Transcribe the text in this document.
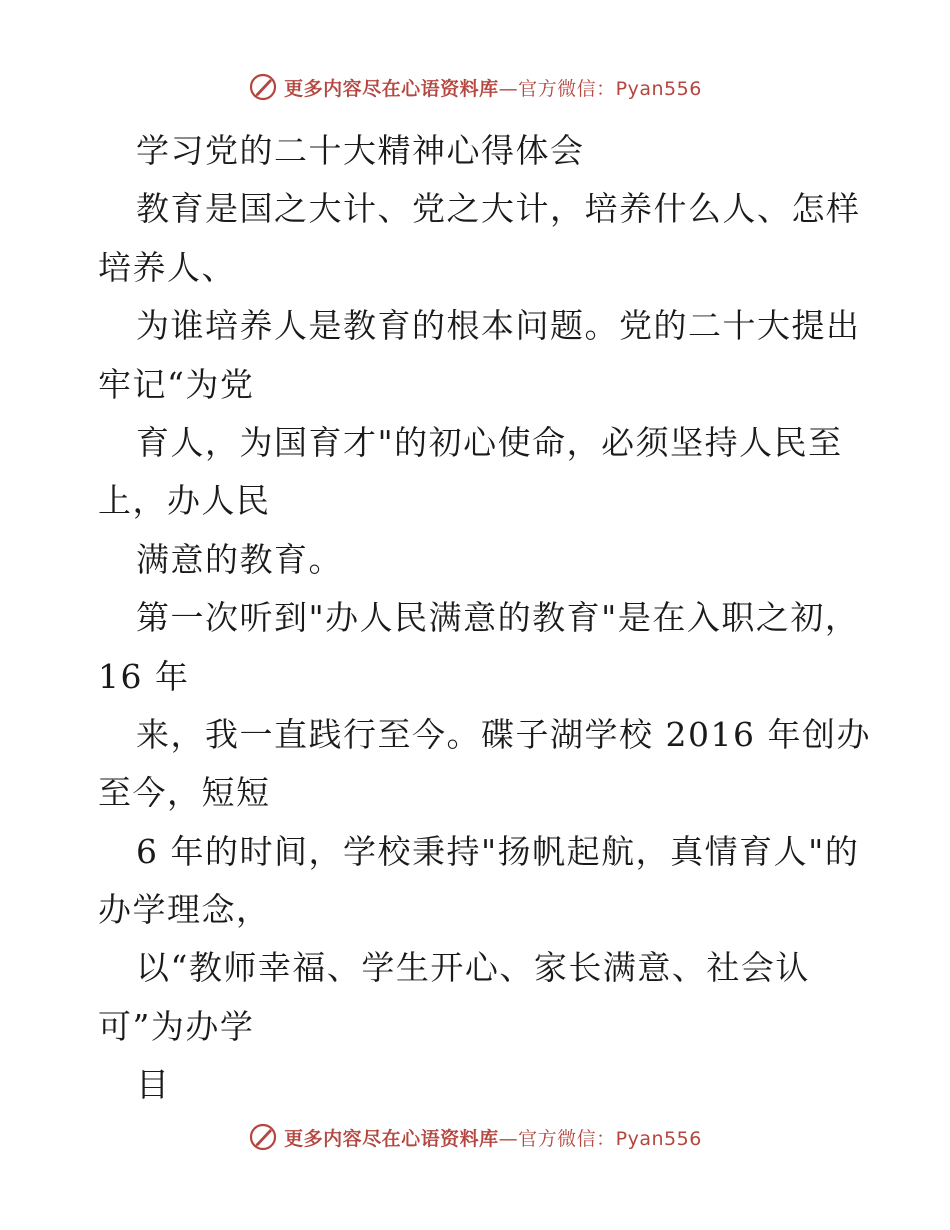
更多内容尽在心语资料库—官方微信：Pyan556
学习党的二十大精神心得体会
教育是国之大计、党之大计，培养什么人、怎样
培养人、
为谁培养人是教育的根本问题。党的二十大提出
牢记“为党
育人，为国育才"的初心使命，必须坚持人民至
上，办人民
满意的教育。
第一次听到"办人民满意的教育"是在入职之初，
16 年
来，我一直践行至今。碟子湖学校 2016 年创办
至今，短短
6 年的时间，学校秉持"扬帆起航，真情育人"的
办学理念，
以“教师幸福、学生开心、家长满意、社会认
可”为办学
目
更多内容尽在心语资料库—官方微信：Pyan556
